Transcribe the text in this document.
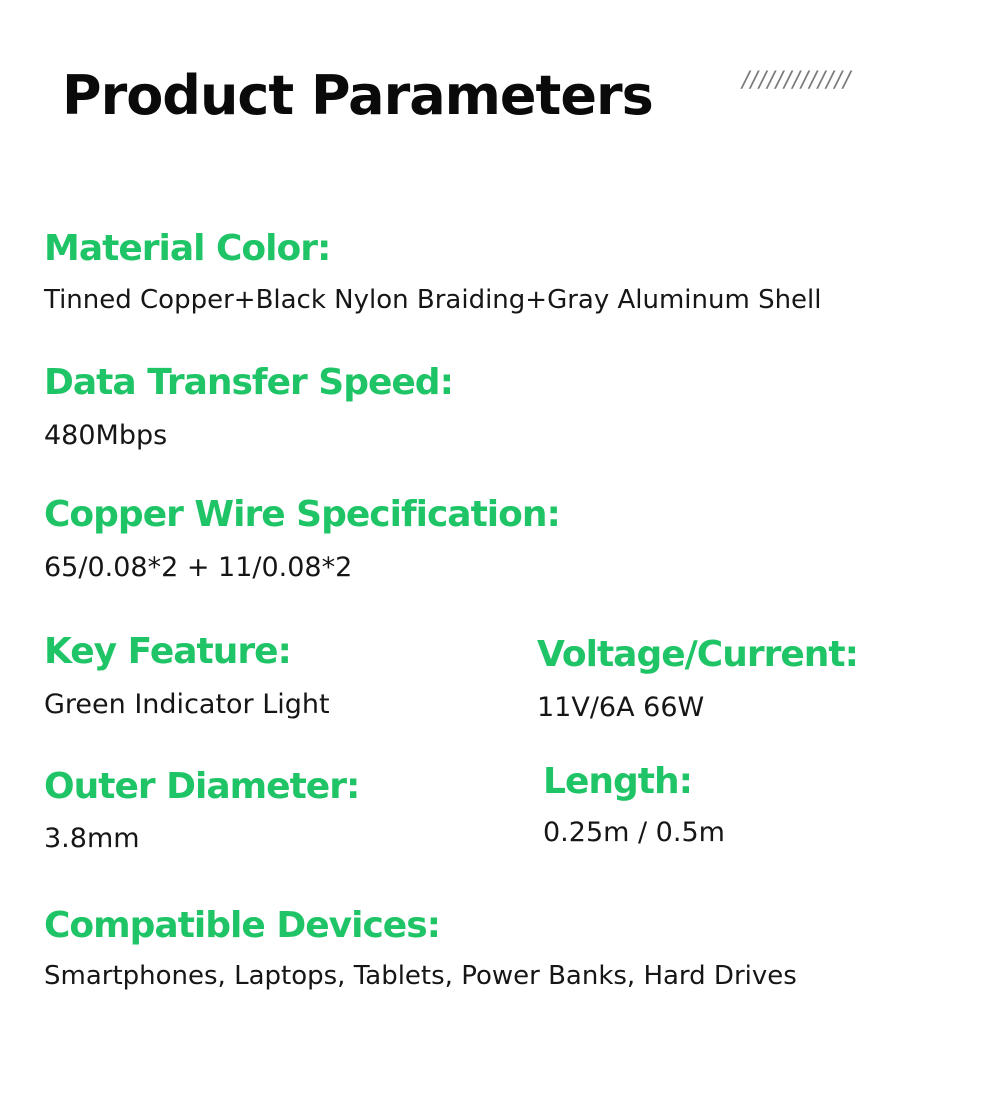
Product Parameters	/////////////
Material Color:
Tinned Copper+Black Nylon Braiding+Gray Aluminum Shell
Data Transfer Speed:
480Mbps
Copper Wire Specification:
65/0.08*2 + 11/0.08*2
Key Feature:
Green Indicator Light
Voltage/Current:
11V/6A 66W
Outer Diameter:
3.8mm
Length:
0.25m / 0.5m
Compatible Devices:
Smartphones, Laptops, Tablets, Power Banks, Hard Drives
